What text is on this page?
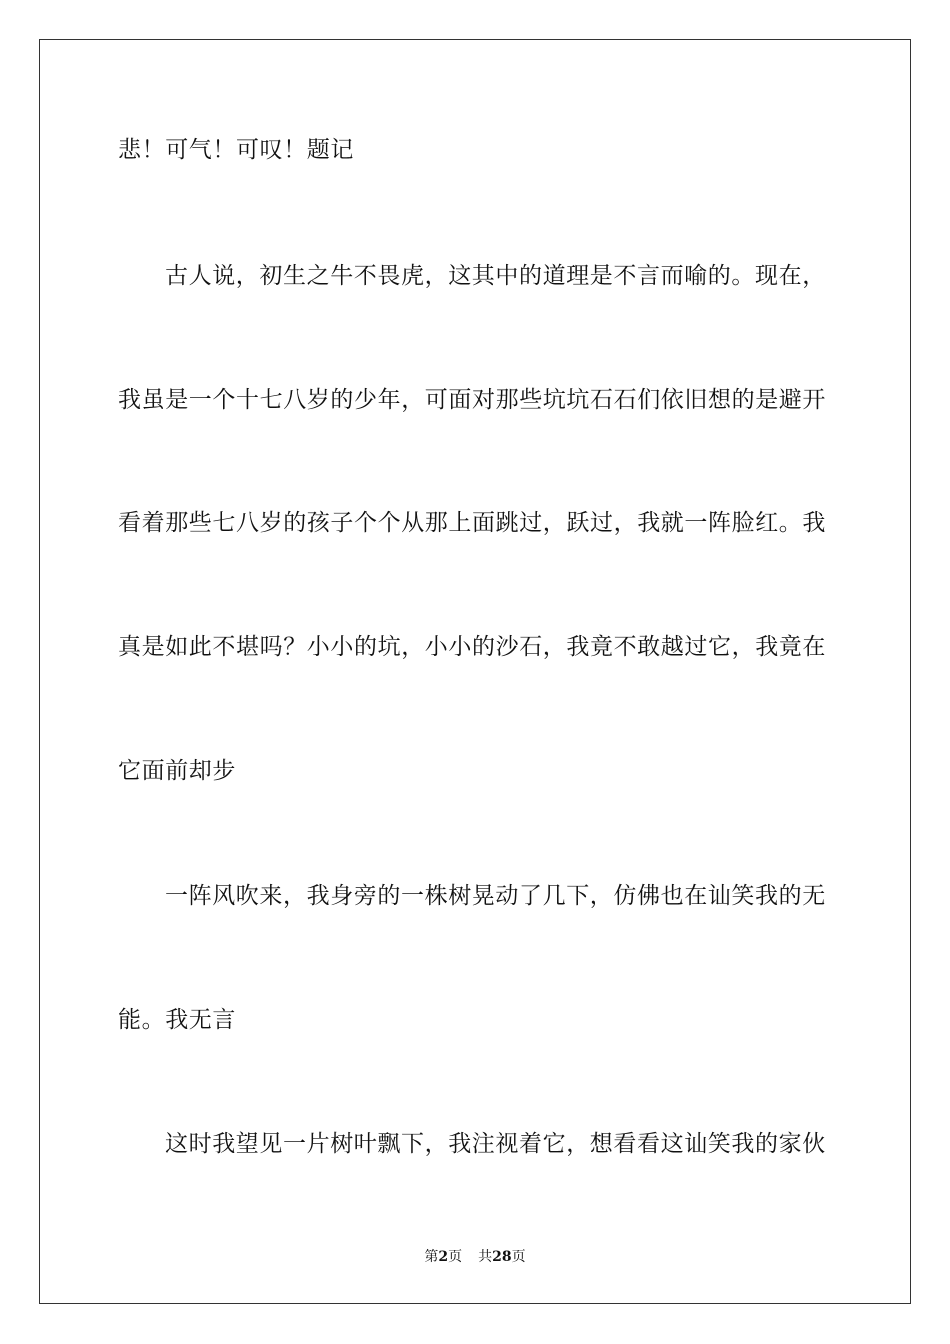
悲！可气！可叹！题记
古人说，初生之牛不畏虎，这其中的道理是不言而喻的。现在，
我虽是一个十七八岁的少年，可面对那些坑坑石石们依旧想的是避开
看着那些七八岁的孩子个个从那上面跳过，跃过，我就一阵脸红。我
真是如此不堪吗？小小的坑，小小的沙石，我竟不敢越过它，我竟在
它面前却步
一阵风吹来，我身旁的一株树晃动了几下，仿佛也在讪笑我的无
能。我无言
这时我望见一片树叶飘下，我注视着它，想看看这讪笑我的家伙
第2页 共28页
